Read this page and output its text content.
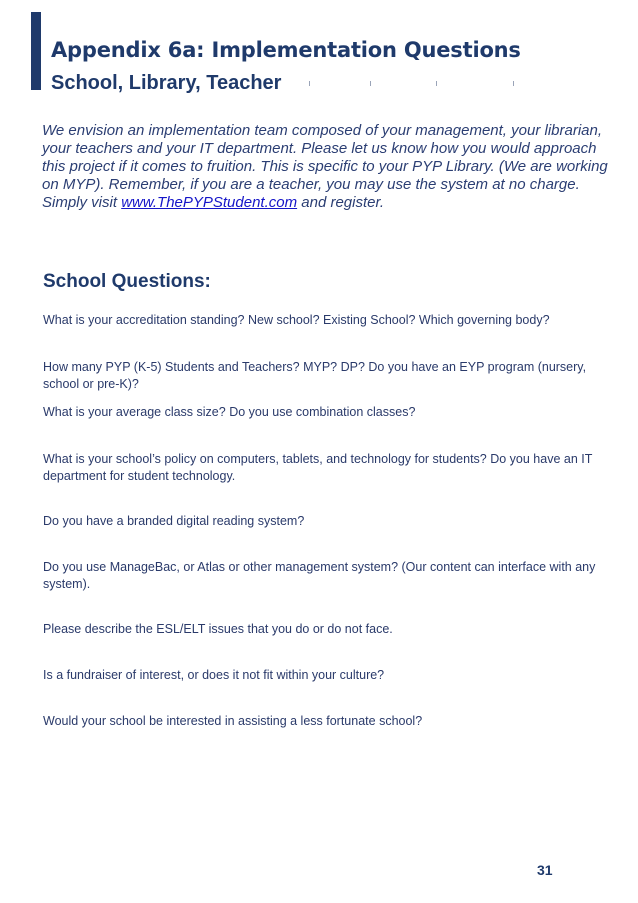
Appendix 6a: Implementation Questions
School, Library, Teacher

We envision an implementation team composed of your management, your librarian, your teachers and your IT department. Please let us know how you would approach this project if it comes to fruition. This is specific to your PYP Library. (We are working on MYP). Remember, if you are a teacher, you may use the system at no charge. Simply visit www.ThePYPStudent.com and register.

School Questions:

What is your accreditation standing? New school? Existing School? Which governing body?

How many PYP (K-5) Students and Teachers? MYP? DP? Do you have an EYP program (nursery, school or pre-K)?

What is your average class size? Do you use combination classes?

What is your school’s policy on computers, tablets, and technology for students? Do you have an IT department for student technology.

Do you have a branded digital reading system?

Do you use ManageBac, or Atlas or other management system? (Our content can interface with any system).

Please describe the ESL/ELT issues that you do or do not face.

Is a fundraiser of interest, or does it not fit within your culture?

Would your school be interested in assisting a less fortunate school?

31
